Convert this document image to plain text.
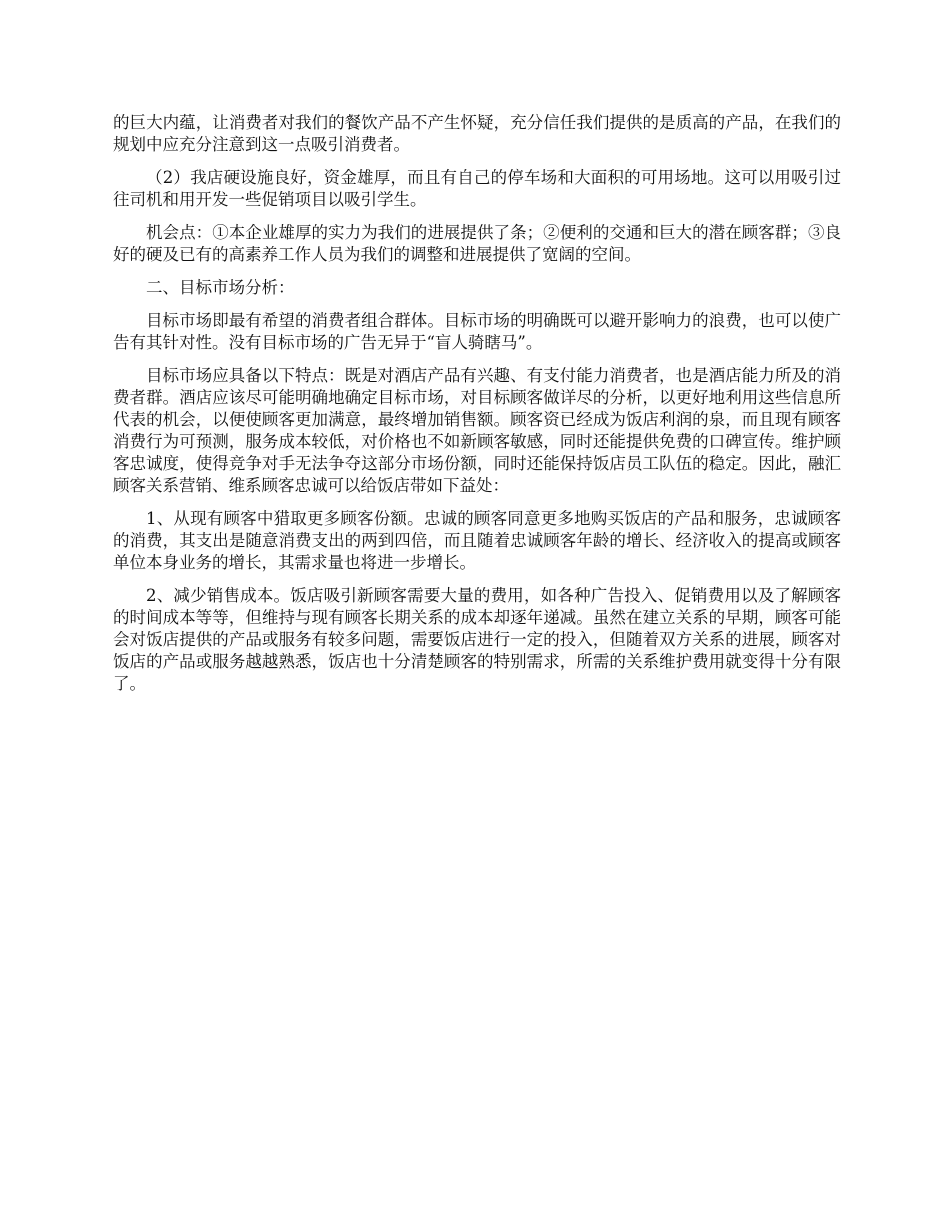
的巨大内蕴，让消费者对我们的餐饮产品不产生怀疑，充分信任我们提供的是质高的产品，在我们的规划中应充分注意到这一点吸引消费者。

（2）我店硬设施良好，资金雄厚，而且有自己的停车场和大面积的可用场地。这可以用吸引过往司机和用开发一些促销项目以吸引学生。

机会点：①本企业雄厚的实力为我们的进展提供了条；②便利的交通和巨大的潜在顾客群；③良好的硬及已有的高素养工作人员为我们的调整和进展提供了宽阔的空间。

二、目标市场分析：

目标市场即最有希望的消费者组合群体。目标市场的明确既可以避开影响力的浪费，也可以使广告有其针对性。没有目标市场的广告无异于“盲人骑瞎马”。

目标市场应具备以下特点：既是对酒店产品有兴趣、有支付能力消费者，也是酒店能力所及的消费者群。酒店应该尽可能明确地确定目标市场，对目标顾客做详尽的分析，以更好地利用这些信息所代表的机会，以便使顾客更加满意，最终增加销售额。顾客资已经成为饭店利润的泉，而且现有顾客消费行为可预测，服务成本较低，对价格也不如新顾客敏感，同时还能提供免费的口碑宣传。维护顾客忠诚度，使得竞争对手无法争夺这部分市场份额，同时还能保持饭店员工队伍的稳定。因此，融汇顾客关系营销、维系顾客忠诚可以给饭店带如下益处：

1、从现有顾客中猎取更多顾客份额。忠诚的顾客同意更多地购买饭店的产品和服务，忠诚顾客的消费，其支出是随意消费支出的两到四倍，而且随着忠诚顾客年龄的增长、经济收入的提高或顾客单位本身业务的增长，其需求量也将进一步增长。

2、减少销售成本。饭店吸引新顾客需要大量的费用，如各种广告投入、促销费用以及了解顾客的时间成本等等，但维持与现有顾客长期关系的成本却逐年递减。虽然在建立关系的早期，顾客可能会对饭店提供的产品或服务有较多问题，需要饭店进行一定的投入，但随着双方关系的进展，顾客对饭店的产品或服务越越熟悉，饭店也十分清楚顾客的特别需求，所需的关系维护费用就变得十分有限了。
